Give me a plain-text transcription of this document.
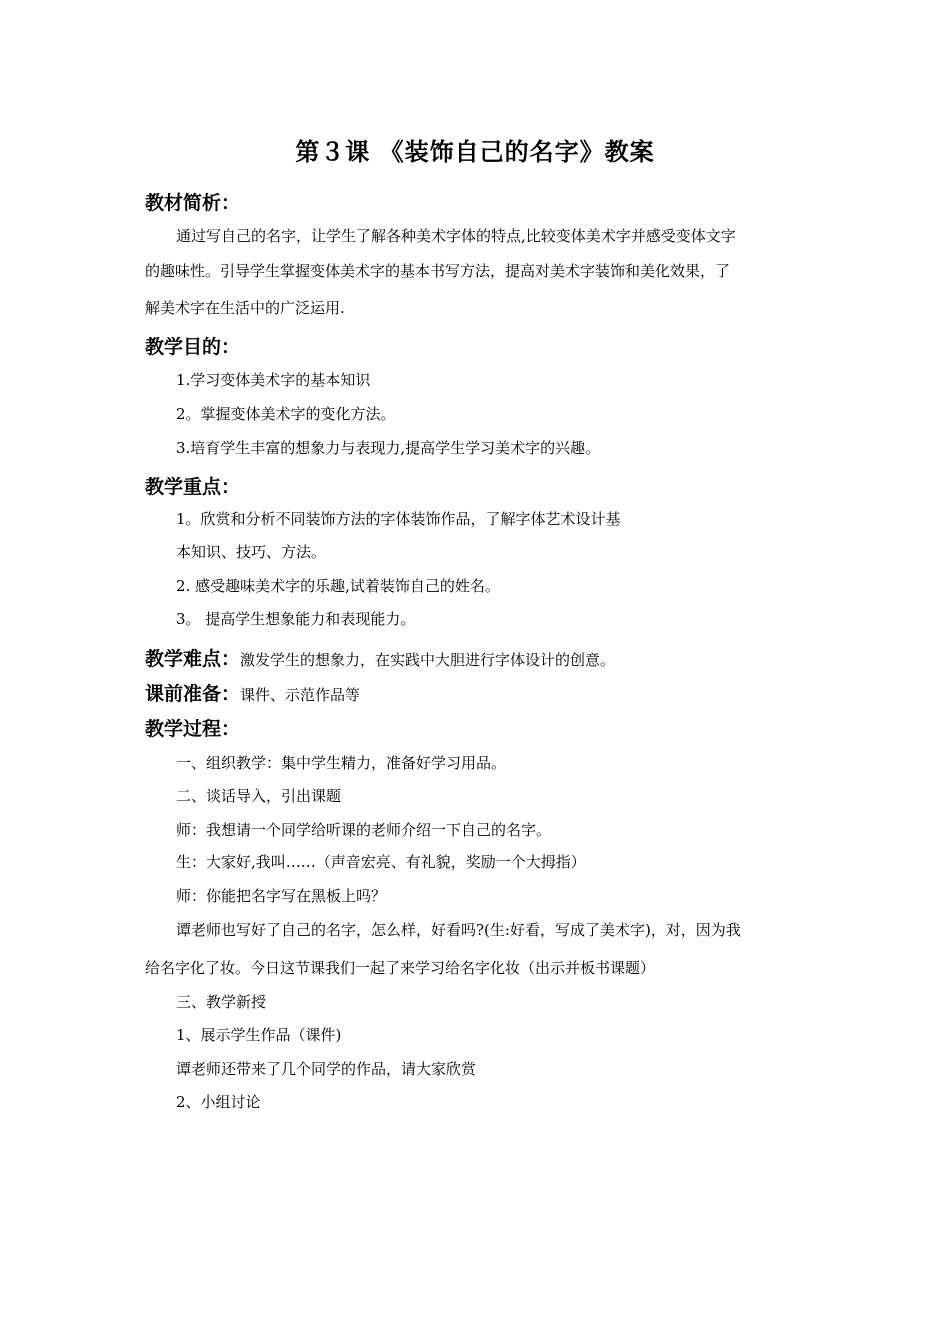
第３课 《装饰自己的名字》教案
教材简析：
通过写自己的名字，让学生了解各种美术字体的特点,比较变体美术字并感受变体文字
的趣味性。引导学生掌握变体美术字的基本书写方法，提高对美术字装饰和美化效果，了
解美术字在生活中的广泛运用.
教学目的：
1.学习变体美术字的基本知识
2。掌握变体美术字的变化方法。
3.培育学生丰富的想象力与表现力,提高学生学习美术字的兴趣。
教学重点：
1。欣赏和分析不同装饰方法的字体装饰作品，了解字体艺术设计基
本知识、技巧、方法。
2. 感受趣味美术字的乐趣,试着装饰自己的姓名。
3。 提高学生想象能力和表现能力。
教学难点：激发学生的想象力，在实践中大胆进行字体设计的创意。
课前准备：课件、示范作品等
教学过程：
一、组织教学：集中学生精力，准备好学习用品。
二、谈话导入，引出课题
师：我想请一个同学给听课的老师介绍一下自己的名字。
生：大家好,我叫……（声音宏亮、有礼貌，奖励一个大拇指）
师：你能把名字写在黑板上吗？
谭老师也写好了自己的名字，怎么样，好看吗?(生:好看，写成了美术字)，对，因为我
给名字化了妆。今日这节课我们一起了来学习给名字化妆（出示并板书课题）
三、教学新授
1、展示学生作品（课件)
谭老师还带来了几个同学的作品，请大家欣赏
2、小组讨论
